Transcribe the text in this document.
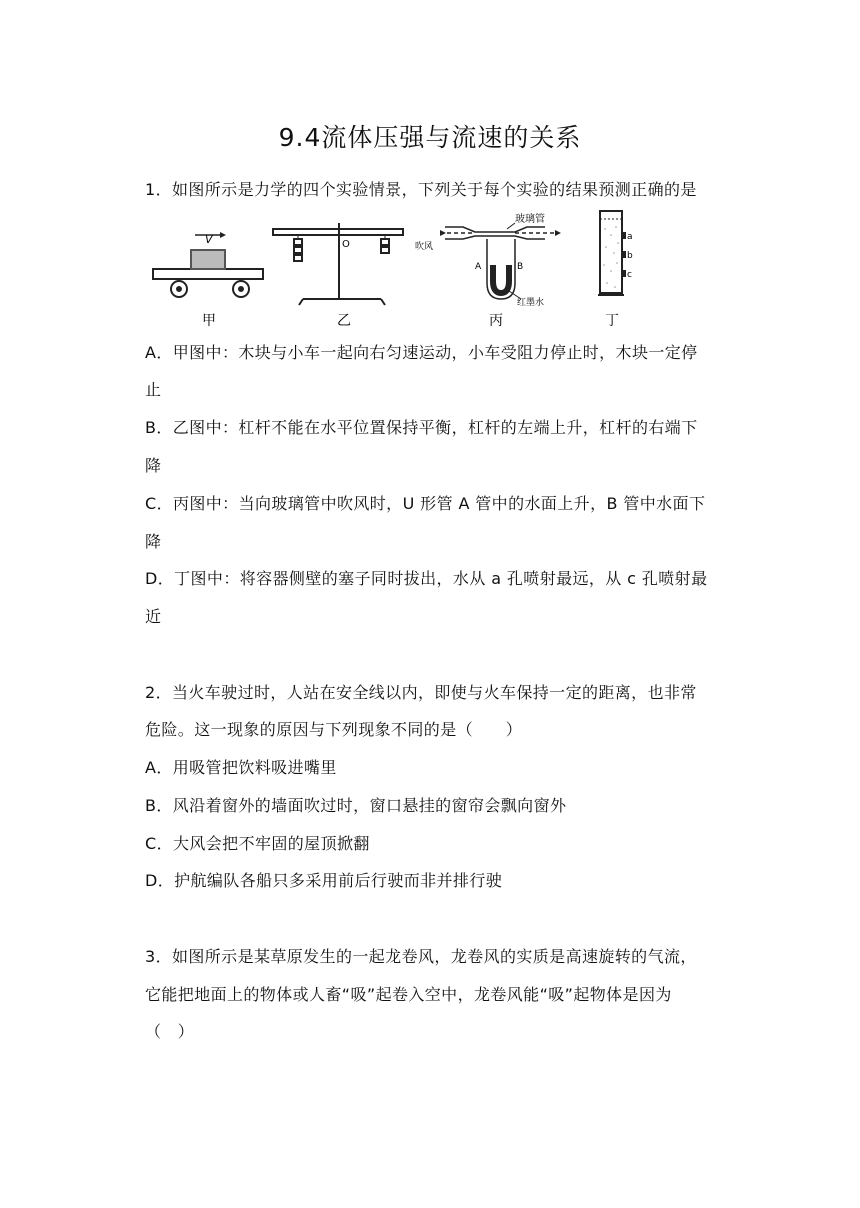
9.4流体压强与流速的关系
1．如图所示是力学的四个实验情景，下列关于每个实验的结果预测正确的是
V
甲
O
乙
玻璃管
吹风
A	B
红墨水
丙
a
b
c
丁
A．甲图中：木块与小车一起向右匀速运动，小车受阻力停止时，木块一定停
止
B．乙图中：杠杆不能在水平位置保持平衡，杠杆的左端上升，杠杆的右端下
降
C．丙图中：当向玻璃管中吹风时，U 形管 A 管中的水面上升，B 管中水面下
降
D．丁图中：将容器侧壁的塞子同时拔出，水从 a 孔喷射最远，从 c 孔喷射最
近
2．当火车驶过时，人站在安全线以内，即使与火车保持一定的距离，也非常
危险。这一现象的原因与下列现象不同的是（　　）
A．用吸管把饮料吸进嘴里
B．风沿着窗外的墙面吹过时，窗口悬挂的窗帘会飘向窗外
C．大风会把不牢固的屋顶掀翻
D．护航编队各船只多采用前后行驶而非并排行驶
3．如图所示是某草原发生的一起龙卷风，龙卷风的实质是高速旋转的气流，
它能把地面上的物体或人畜“吸”起卷入空中，龙卷风能“吸”起物体是因为
（　）
